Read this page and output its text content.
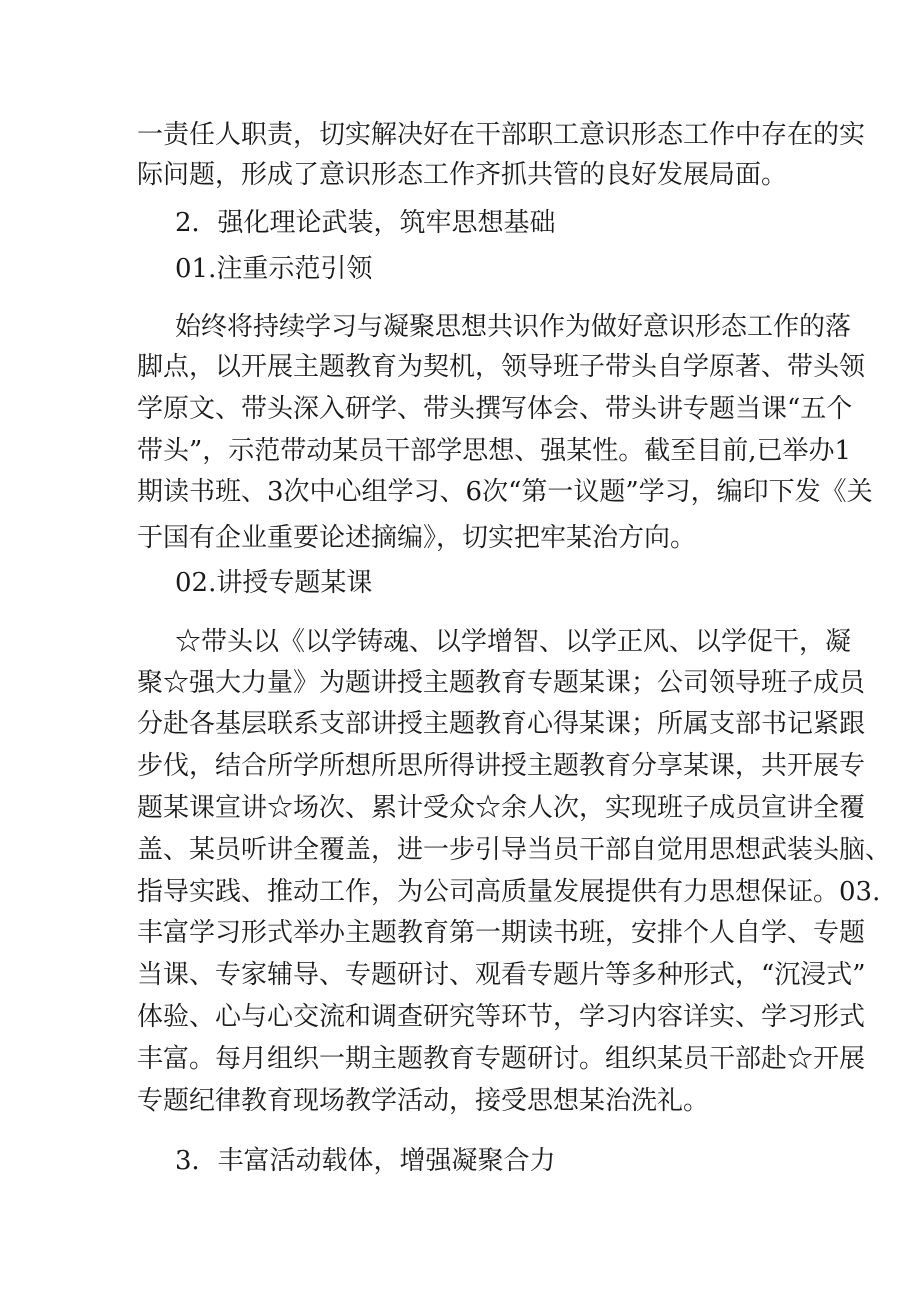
一责任人职责，切实解决好在干部职工意识形态工作中存在的实
际问题，形成了意识形态工作齐抓共管的良好发展局面。
2．强化理论武装，筑牢思想基础
01.注重示范引领
始终将持续学习与凝聚思想共识作为做好意识形态工作的落
脚点，以开展主题教育为契机，领导班子带头自学原著、带头领
学原文、带头深入研学、带头撰写体会、带头讲专题当课“五个
带头”，示范带动某员干部学思想、强某性。截至目前,已举办1
期读书班、3次中心组学习、6次“第一议题”学习，编印下发《关
于国有企业重要论述摘编》，切实把牢某治方向。
02.讲授专题某课
☆带头以《以学铸魂、以学增智、以学正风、以学促干，凝
聚☆强大力量》为题讲授主题教育专题某课；公司领导班子成员
分赴各基层联系支部讲授主题教育心得某课；所属支部书记紧跟
步伐，结合所学所想所思所得讲授主题教育分享某课，共开展专
题某课宣讲☆场次、累计受众☆余人次，实现班子成员宣讲全覆
盖、某员听讲全覆盖，进一步引导当员干部自觉用思想武装头脑、
指导实践、推动工作，为公司高质量发展提供有力思想保证。03.
丰富学习形式举办主题教育第一期读书班，安排个人自学、专题
当课、专家辅导、专题研讨、观看专题片等多种形式，“沉浸式”
体验、心与心交流和调查研究等环节，学习内容详实、学习形式
丰富。每月组织一期主题教育专题研讨。组织某员干部赴☆开展
专题纪律教育现场教学活动，接受思想某治洗礼。
3．丰富活动载体，增强凝聚合力
